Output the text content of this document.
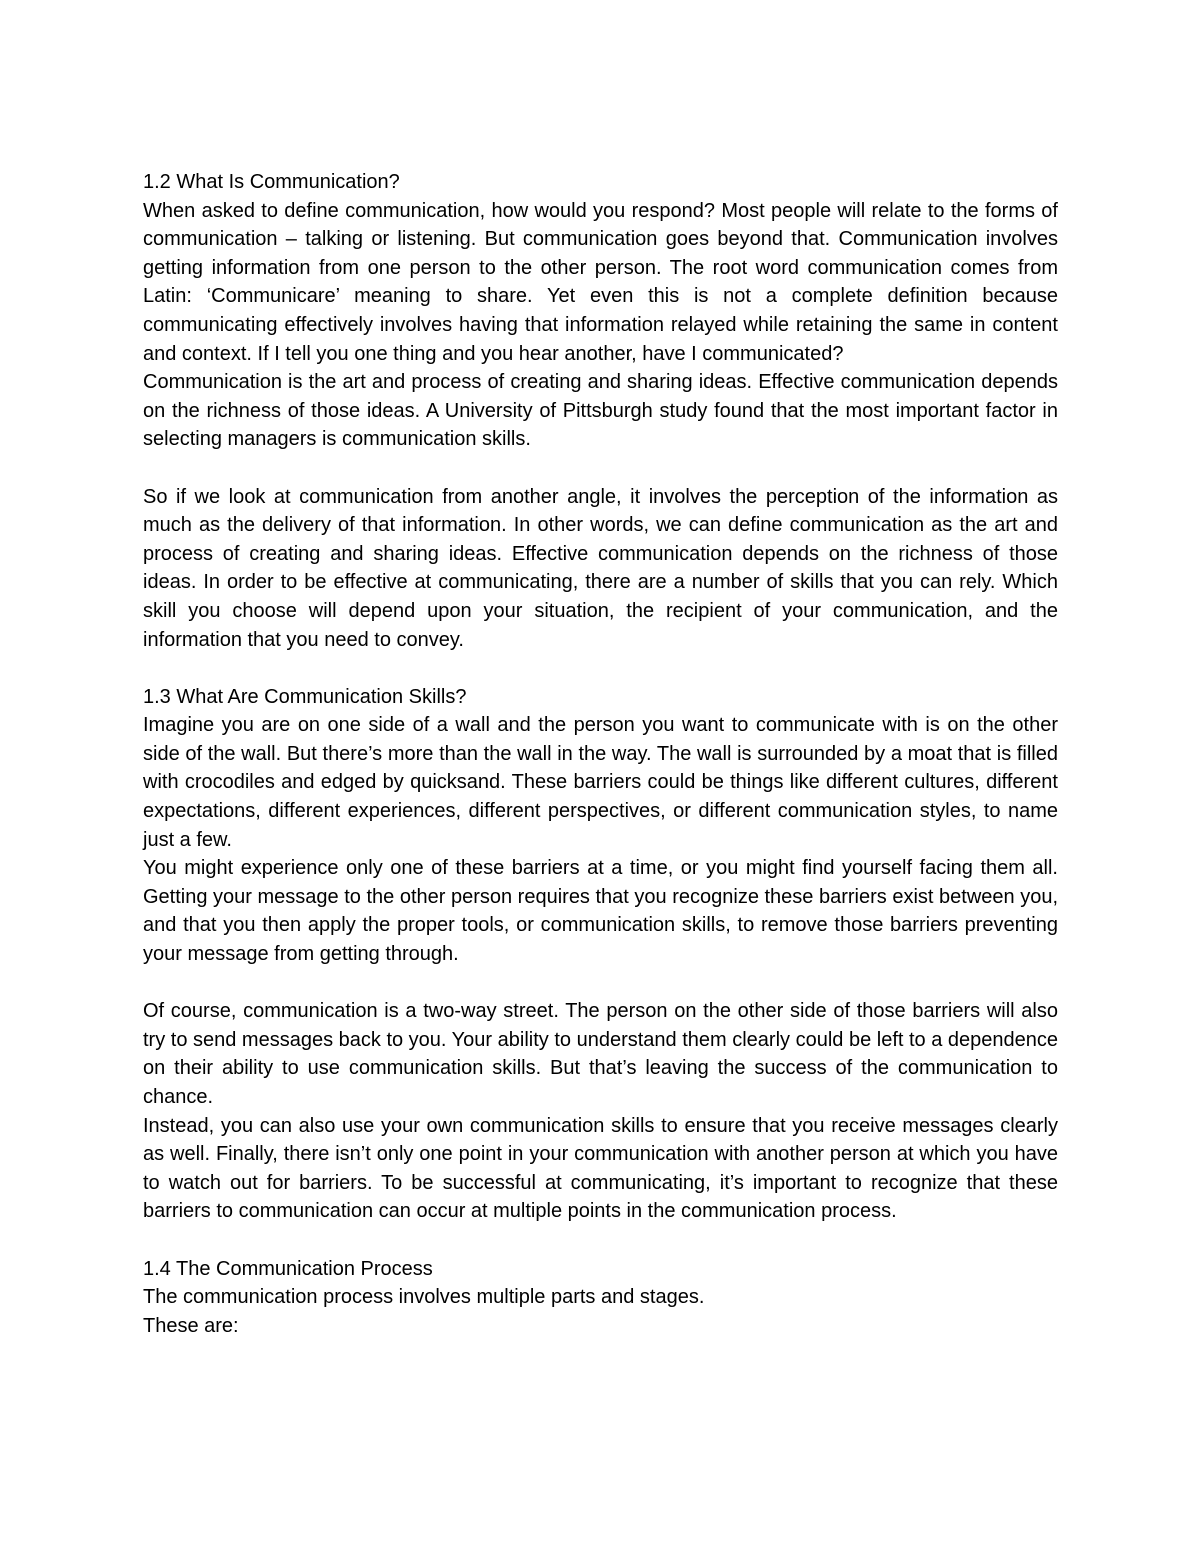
1.2 What Is Communication?

When asked to define communication, how would you respond? Most people will relate to the forms of communication – talking or listening. But communication goes beyond that. Communication involves getting information from one person to the other person. The root word communication comes from Latin: ‘Communicare’ meaning to share. Yet even this is not a complete definition because communicating effectively involves having that information relayed while retaining the same in content and context. If I tell you one thing and you hear another, have I communicated?

Communication is the art and process of creating and sharing ideas. Effective communication depends on the richness of those ideas. A University of Pittsburgh study found that the most important factor in selecting managers is communication skills.

So if we look at communication from another angle, it involves the perception of the information as much as the delivery of that information. In other words, we can define communication as the art and process of creating and sharing ideas. Effective communication depends on the richness of those ideas. In order to be effective at communicating, there are a number of skills that you can rely. Which skill you choose will depend upon your situation, the recipient of your communication, and the information that you need to convey.

1.3 What Are Communication Skills?

Imagine you are on one side of a wall and the person you want to communicate with is on the other side of the wall. But there’s more than the wall in the way. The wall is surrounded by a moat that is filled with crocodiles and edged by quicksand. These barriers could be things like different cultures, different expectations, different experiences, different perspectives, or different communication styles, to name just a few.

You might experience only one of these barriers at a time, or you might find yourself facing them all. Getting your message to the other person requires that you recognize these barriers exist between you, and that you then apply the proper tools, or communication skills, to remove those barriers preventing your message from getting through.

Of course, communication is a two-way street. The person on the other side of those barriers will also try to send messages back to you. Your ability to understand them clearly could be left to a dependence on their ability to use communication skills. But that’s leaving the success of the communication to chance.

Instead, you can also use your own communication skills to ensure that you receive messages clearly as well. Finally, there isn’t only one point in your communication with another person at which you have to watch out for barriers. To be successful at communicating, it’s important to recognize that these barriers to communication can occur at multiple points in the communication process.

1.4 The Communication Process

The communication process involves multiple parts and stages.

These are:
